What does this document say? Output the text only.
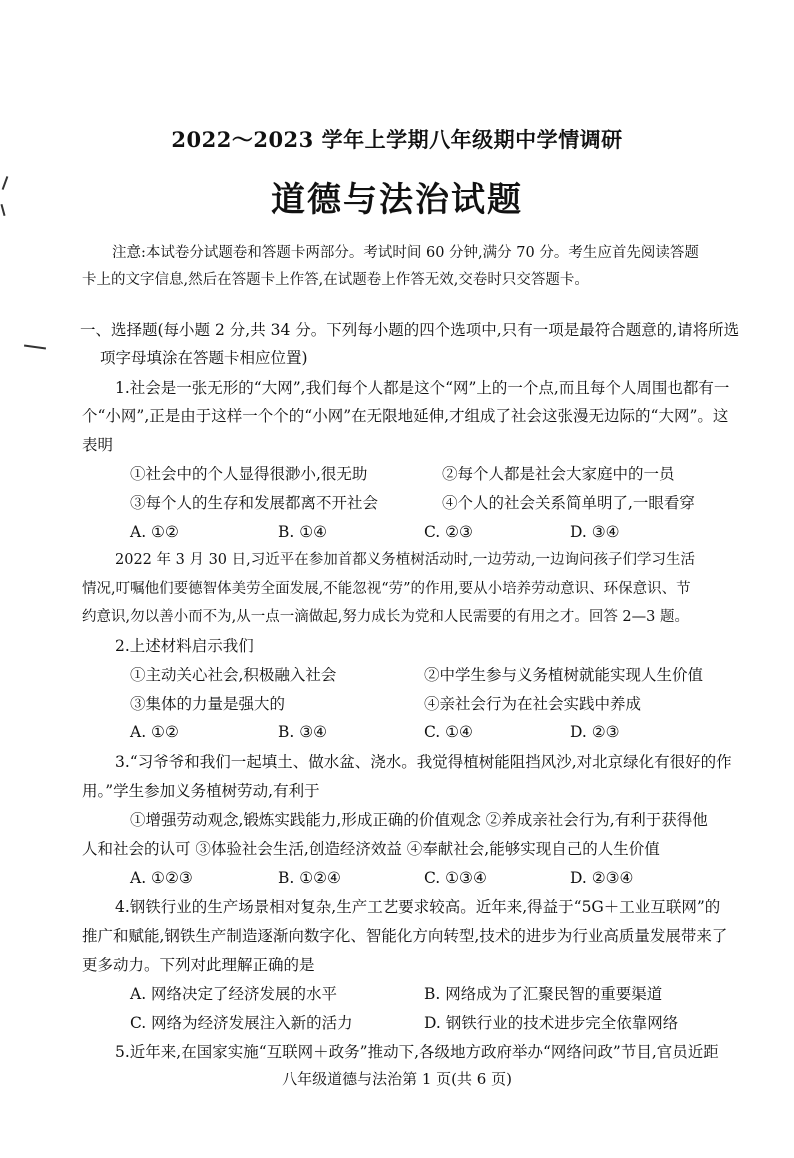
2022～2023 学年上学期八年级期中学情调研
道德与法治试题
注意:本试卷分试题卷和答题卡两部分。考试时间 60 分钟,满分 70 分。考生应首先阅读答题
卡上的文字信息,然后在答题卡上作答,在试题卷上作答无效,交卷时只交答题卡。
一、选择题(每小题 2 分,共 34 分。下列每小题的四个选项中,只有一项是最符合题意的,请将所选
项字母填涂在答题卡相应位置)
1.社会是一张无形的“大网”,我们每个人都是这个“网”上的一个点,而且每个人周围也都有一
个“小网”,正是由于这样一个个的“小网”在无限地延伸,才组成了社会这张漫无边际的“大网”。这
表明
①社会中的个人显得很渺小,很无助	②每个人都是社会大家庭中的一员
③每个人的生存和发展都离不开社会	④个人的社会关系简单明了,一眼看穿
A. ①②	B. ①④	C. ②③	D. ③④
2022 年 3 月 30 日,习近平在参加首都义务植树活动时,一边劳动,一边询问孩子们学习生活
情况,叮嘱他们要德智体美劳全面发展,不能忽视“劳”的作用,要从小培养劳动意识、环保意识、节
约意识,勿以善小而不为,从一点一滴做起,努力成长为党和人民需要的有用之才。回答 2—3 题。
2.上述材料启示我们
①主动关心社会,积极融入社会	②中学生参与义务植树就能实现人生价值
③集体的力量是强大的	④亲社会行为在社会实践中养成
A. ①②	B. ③④	C. ①④	D. ②③
3.“习爷爷和我们一起填土、做水盆、浇水。我觉得植树能阻挡风沙,对北京绿化有很好的作
用。”学生参加义务植树劳动,有利于
①增强劳动观念,锻炼实践能力,形成正确的价值观念 ②养成亲社会行为,有利于获得他
人和社会的认可 ③体验社会生活,创造经济效益 ④奉献社会,能够实现自己的人生价值
A. ①②③	B. ①②④	C. ①③④	D. ②③④
4.钢铁行业的生产场景相对复杂,生产工艺要求较高。近年来,得益于“5G＋工业互联网”的
推广和赋能,钢铁生产制造逐渐向数字化、智能化方向转型,技术的进步为行业高质量发展带来了
更多动力。下列对此理解正确的是
A. 网络决定了经济发展的水平	B. 网络成为了汇聚民智的重要渠道
C. 网络为经济发展注入新的活力	D. 钢铁行业的技术进步完全依靠网络
5.近年来,在国家实施“互联网＋政务”推动下,各级地方政府举办“网络问政”节目,官员近距
八年级道德与法治第 1 页(共 6 页)
